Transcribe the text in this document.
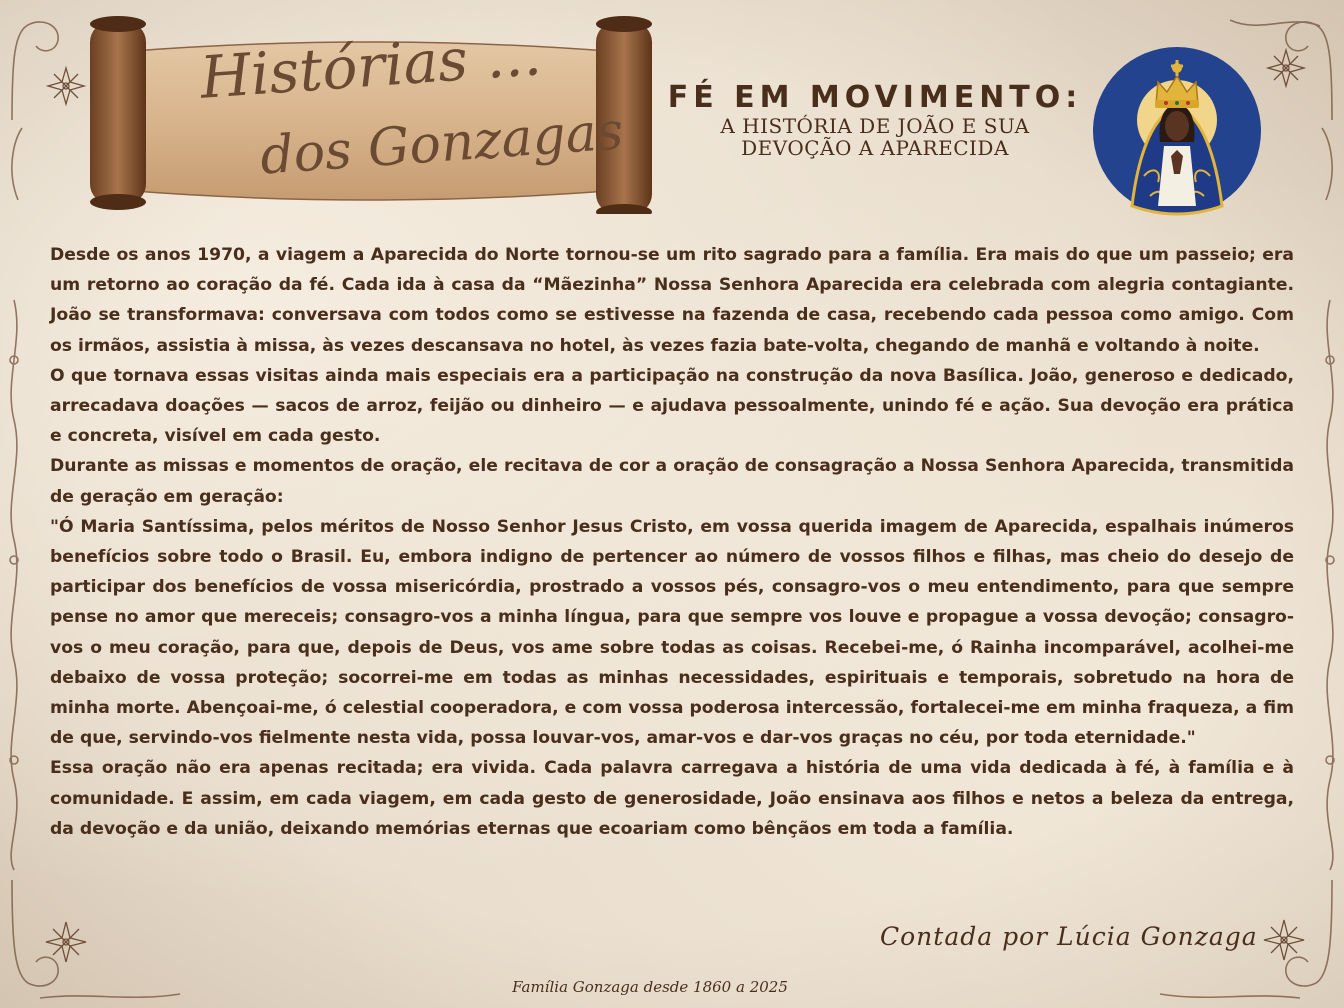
Histórias ...
dos Gonzagas
FÉ EM MOVIMENTO:
A HISTÓRIA DE JOÃO E SUA
DEVOÇÃO A APARECIDA

Desde os anos 1970, a viagem a Aparecida do Norte tornou-se um rito sagrado para a família. Era mais do que um passeio; era um retorno ao coração da fé. Cada ida à casa da “Mãezinha” Nossa Senhora Aparecida era celebrada com alegria contagiante. João se transformava: conversava com todos como se estivesse na fazenda de casa, recebendo cada pessoa como amigo. Com os irmãos, assistia à missa, às vezes descansava no hotel, às vezes fazia bate-volta, chegando de manhã e voltando à noite.

O que tornava essas visitas ainda mais especiais era a participação na construção da nova Basílica. João, generoso e dedicado, arrecadava doações — sacos de arroz, feijão ou dinheiro — e ajudava pessoalmente, unindo fé e ação. Sua devoção era prática e concreta, visível em cada gesto.

Durante as missas e momentos de oração, ele recitava de cor a oração de consagração a Nossa Senhora Aparecida, transmitida de geração em geração:

"Ó Maria Santíssima, pelos méritos de Nosso Senhor Jesus Cristo, em vossa querida imagem de Aparecida, espalhais inúmeros benefícios sobre todo o Brasil. Eu, embora indigno de pertencer ao número de vossos filhos e filhas, mas cheio do desejo de participar dos benefícios de vossa misericórdia, prostrado a vossos pés, consagro-vos o meu entendimento, para que sempre pense no amor que mereceis; consagro-vos a minha língua, para que sempre vos louve e propague a vossa devoção; consagro-vos o meu coração, para que, depois de Deus, vos ame sobre todas as coisas. Recebei-me, ó Rainha incomparável, acolhei-me debaixo de vossa proteção; socorrei-me em todas as minhas necessidades, espirituais e temporais, sobretudo na hora de minha morte. Abençoai-me, ó celestial cooperadora, e com vossa poderosa intercessão, fortalecei-me em minha fraqueza, a fim de que, servindo-vos fielmente nesta vida, possa louvar-vos, amar-vos e dar-vos graças no céu, por toda eternidade."

Essa oração não era apenas recitada; era vivida. Cada palavra carregava a história de uma vida dedicada à fé, à família e à comunidade. E assim, em cada viagem, em cada gesto de generosidade, João ensinava aos filhos e netos a beleza da entrega, da devoção e da união, deixando memórias eternas que ecoariam como bênçãos em toda a família.

Contada por Lúcia Gonzaga
Família Gonzaga desde 1860 a 2025
